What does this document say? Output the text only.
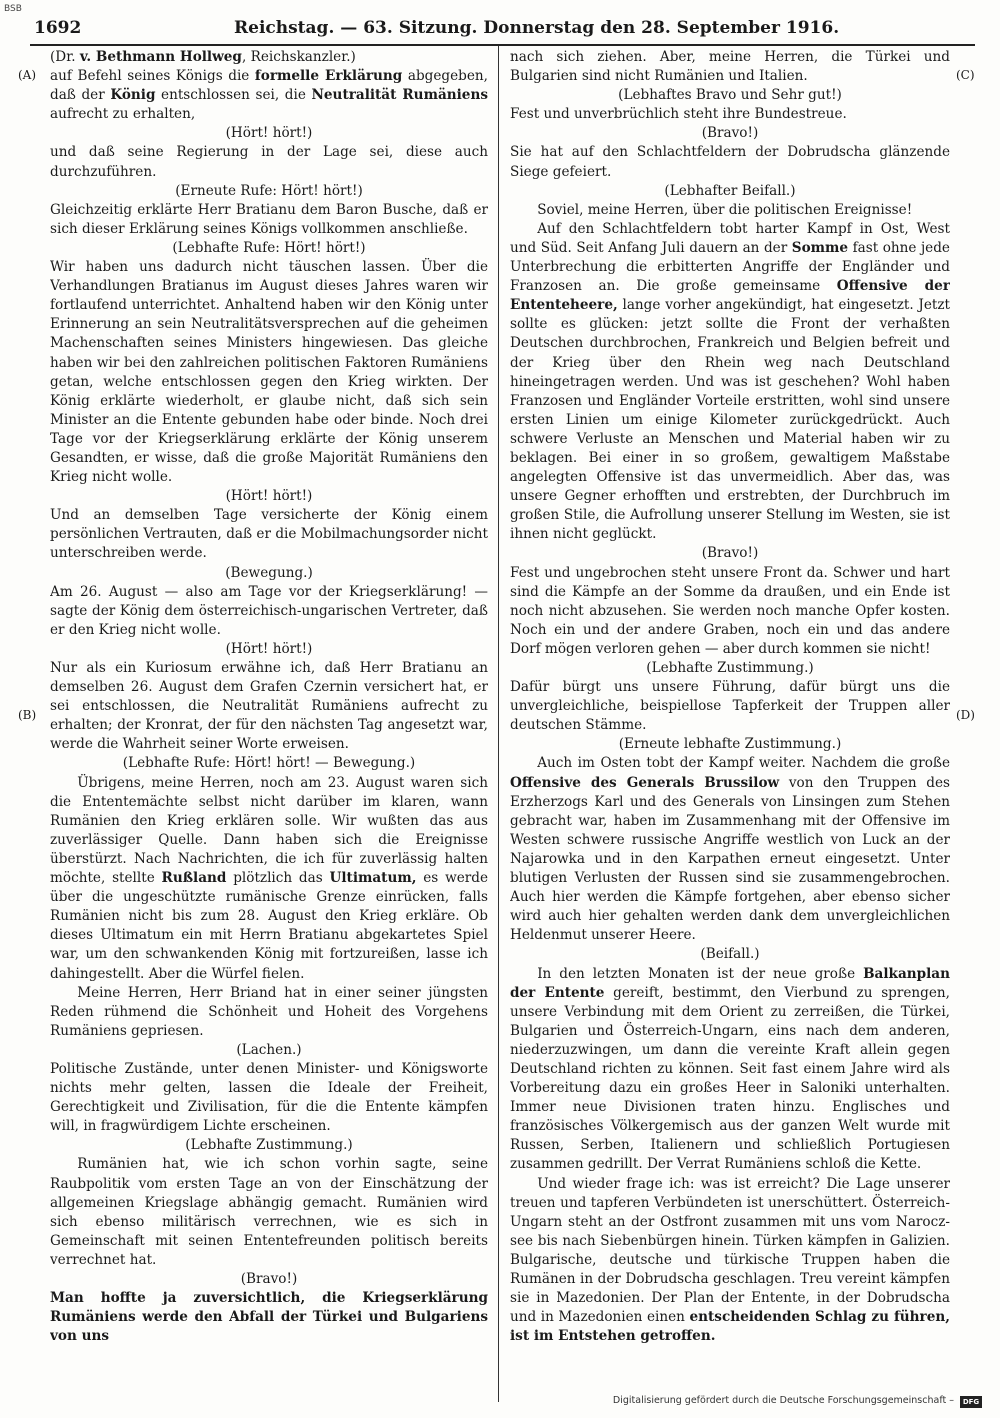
BSB
1692	Reichstag. — 63. Sitzung. Donnerstag den 28. September 1916.
(A)
(B)
(C)
(D)

(Dr. v. Bethmann Hollweg, Reichskanzler.)

auf Befehl seines Königs die formelle Erklärung abgegeben, daß der König entschlossen sei, die Neutralität Rumäniens aufrecht zu erhalten,

(Hört! hört!)

und daß seine Regierung in der Lage sei, diese auch durchzuführen.

(Erneute Rufe: Hört! hört!)

Gleichzeitig erklärte Herr Bratianu dem Baron Busche, daß er sich dieser Erklärung seines Königs vollkommen anschließe.

(Lebhafte Rufe: Hört! hört!)

Wir haben uns dadurch nicht täuschen lassen. Über die Verhandlungen Bratianus im August dieses Jahres waren wir fortlaufend unterrichtet. Anhaltend haben wir den König unter Erinnerung an sein Neutralitätsversprechen auf die geheimen Machenschaften seines Ministers hingewiesen. Das gleiche haben wir bei den zahlreichen politischen Faktoren Rumäniens getan, welche entschlossen gegen den Krieg wirkten. Der König erklärte wiederholt, er glaube nicht, daß sich sein Minister an die Entente gebunden habe oder binde. Noch drei Tage vor der Kriegserklärung erklärte der König unserem Gesandten, er wisse, daß die große Majorität Rumäniens den Krieg nicht wolle.

(Hört! hört!)

Und an demselben Tage versicherte der König einem persönlichen Vertrauten, daß er die Mobilmachungsorder nicht unterschreiben werde.

(Bewegung.)

Am 26. August — also am Tage vor der Kriegserklärung! — sagte der König dem österreichisch-ungarischen Vertreter, daß er den Krieg nicht wolle.

(Hört! hört!)

Nur als ein Kuriosum erwähne ich, daß Herr Bratianu an demselben 26. August dem Grafen Czernin versichert hat, er sei entschlossen, die Neutralität Rumäniens aufrecht zu erhalten; der Kronrat, der für den nächsten Tag angesetzt war, werde die Wahrheit seiner Worte erweisen.

(Lebhafte Rufe: Hört! hört! — Bewegung.)

Übrigens, meine Herren, noch am 23. August waren sich die Ententemächte selbst nicht darüber im klaren, wann Rumänien den Krieg erklären solle. Wir wußten das aus zuverlässiger Quelle. Dann haben sich die Ereignisse überstürzt. Nach Nachrichten, die ich für zuverlässig halten möchte, stellte Rußland plötzlich das Ultimatum, es werde über die ungeschützte rumänische Grenze einrücken, falls Rumänien nicht bis zum 28. August den Krieg erkläre. Ob dieses Ultimatum ein mit Herrn Bratianu abgekartetes Spiel war, um den schwankenden König mit fortzureißen, lasse ich dahingestellt. Aber die Würfel fielen.

Meine Herren, Herr Briand hat in einer seiner jüngsten Reden rühmend die Schönheit und Hoheit des Vorgehens Rumäniens gepriesen.

(Lachen.)

Politische Zustände, unter denen Minister- und Königsworte nichts mehr gelten, lassen die Ideale der Freiheit, Gerechtigkeit und Zivilisation, für die die Entente kämpfen will, in fragwürdigem Lichte erscheinen.

(Lebhafte Zustimmung.)

Rumänien hat, wie ich schon vorhin sagte, seine Raubpolitik vom ersten Tage an von der Einschätzung der allgemeinen Kriegslage abhängig gemacht. Rumänien wird sich ebenso militärisch verrechnen, wie es sich in Gemeinschaft mit seinen Ententefreunden politisch bereits verrechnet hat.

(Bravo!)

Man hoffte ja zuversichtlich, die Kriegserklärung Rumäniens werde den Abfall der Türkei und Bulgariens von uns

nach sich ziehen. Aber, meine Herren, die Türkei und Bulgarien sind nicht Rumänien und Italien.

(Lebhaftes Bravo und Sehr gut!)

Fest und unverbrüchlich steht ihre Bundestreue.

(Bravo!)

Sie hat auf den Schlachtfeldern der Dobrudscha glänzende Siege gefeiert.

(Lebhafter Beifall.)

Soviel, meine Herren, über die politischen Ereignisse!

Auf den Schlachtfeldern tobt harter Kampf in Ost, West und Süd. Seit Anfang Juli dauern an der Somme fast ohne jede Unterbrechung die erbitterten Angriffe der Engländer und Franzosen an. Die große gemeinsame Offensive der Ententeheere, lange vorher angekündigt, hat eingesetzt. Jetzt sollte es glücken: jetzt sollte die Front der verhaßten Deutschen durchbrochen, Frankreich und Belgien befreit und der Krieg über den Rhein weg nach Deutschland hineingetragen werden. Und was ist geschehen? Wohl haben Franzosen und Engländer Vorteile erstritten, wohl sind unsere ersten Linien um einige Kilometer zurückgedrückt. Auch schwere Verluste an Menschen und Material haben wir zu beklagen. Bei einer in so großem, gewaltigem Maßstabe angelegten Offensive ist das unvermeidlich. Aber das, was unsere Gegner erhofften und erstrebten, der Durchbruch im großen Stile, die Aufrollung unserer Stellung im Westen, sie ist ihnen nicht geglückt.

(Bravo!)

Fest und ungebrochen steht unsere Front da. Schwer und hart sind die Kämpfe an der Somme da draußen, und ein Ende ist noch nicht abzusehen. Sie werden noch manche Opfer kosten. Noch ein und der andere Graben, noch ein und das andere Dorf mögen verloren gehen — aber durch kommen sie nicht!

(Lebhafte Zustimmung.)

Dafür bürgt uns unsere Führung, dafür bürgt uns die unvergleichliche, beispiellose Tapferkeit der Truppen aller deutschen Stämme.

(Erneute lebhafte Zustimmung.)

Auch im Osten tobt der Kampf weiter. Nachdem die große Offensive des Generals Brussilow von den Truppen des Erzherzogs Karl und des Generals von Linsingen zum Stehen gebracht war, haben im Zusammenhang mit der Offensive im Westen schwere russische Angriffe westlich von Luck an der Najarowka und in den Karpathen erneut eingesetzt. Unter blutigen Verlusten der Russen sind sie zusammengebrochen. Auch hier werden die Kämpfe fortgehen, aber ebenso sicher wird auch hier gehalten werden dank dem unvergleichlichen Heldenmut unserer Heere.

(Beifall.)

In den letzten Monaten ist der neue große Balkanplan der Entente gereift, bestimmt, den Vierbund zu sprengen, unsere Verbindung mit dem Orient zu zerreißen, die Türkei, Bulgarien und Österreich-Ungarn, eins nach dem anderen, niederzuzwingen, um dann die vereinte Kraft allein gegen Deutschland richten zu können. Seit fast einem Jahre wird als Vorbereitung dazu ein großes Heer in Saloniki unterhalten. Immer neue Divisionen traten hinzu. Englisches und französisches Völkergemisch aus der ganzen Welt wurde mit Russen, Serben, Italienern und schließlich Portugiesen zusammen gedrillt. Der Verrat Rumäniens schloß die Kette.

Und wieder frage ich: was ist erreicht? Die Lage unserer treuen und tapferen Verbündeten ist unerschüttert. Österreich-Ungarn steht an der Ostfront zusammen mit uns vom Naroczsee bis nach Siebenbürgen hinein. Türken kämpfen in Galizien. Bulgarische, deutsche und türkische Truppen haben die Rumänen in der Dobrudscha geschlagen. Treu vereint kämpfen sie in Mazedonien. Der Plan der Entente, in der Dobrudscha und in Mazedonien einen entscheidenden Schlag zu führen, ist im Entstehen getroffen.

Digitalisierung gefördert durch die Deutsche Forschungsgemeinschaft –	DFG
